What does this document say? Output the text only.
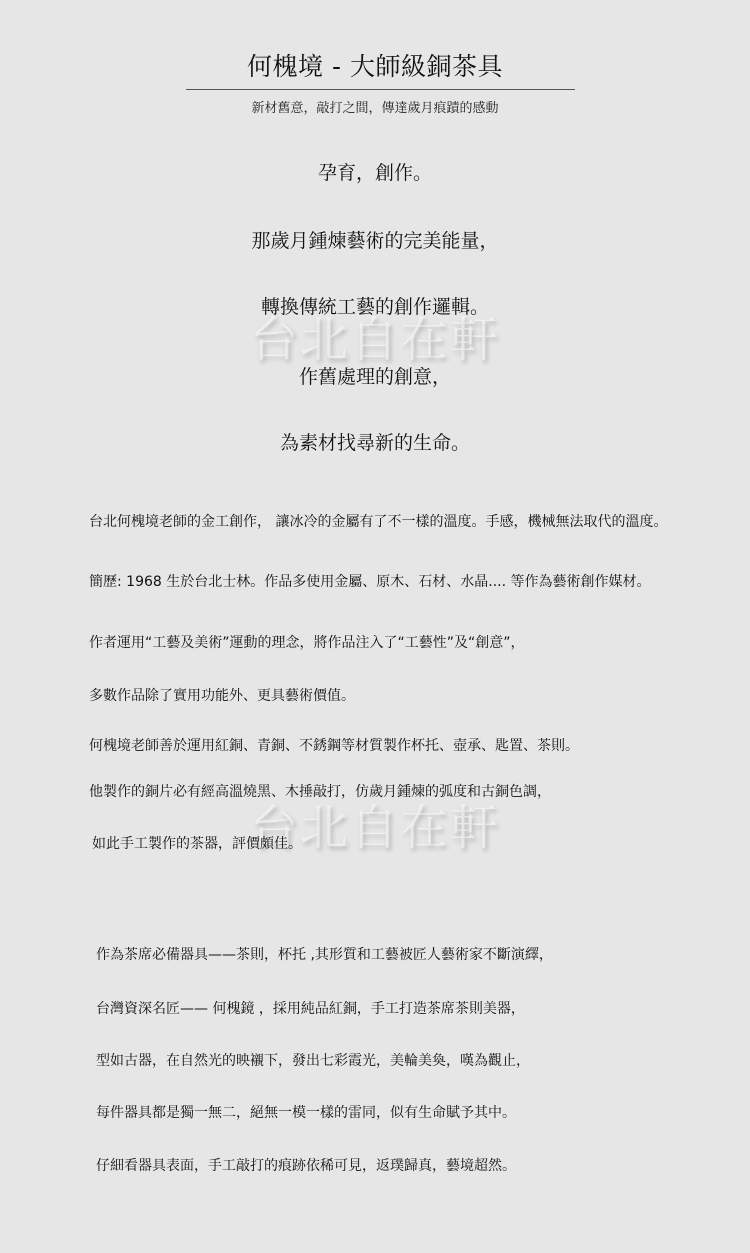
台北自在軒
台北自在軒
何槐境 - 大師級銅茶具
新材舊意，敲打之間，傳達歲月痕蹟的感動
孕育，創作。
那歲月鍾煉藝術的完美能量，
轉換傳統工藝的創作邏輯。
作舊處理的創意，
為素材找尋新的生命。
台北何槐境老師的金工創作， 讓冰冷的金屬有了不一樣的溫度。手感，機械無法取代的溫度。
簡歷: 1968 生於台北士林。作品多使用金屬、原木、石材、水晶.... 等作為藝術創作媒材。
作者運用“工藝及美術”運動的理念，將作品注入了“工藝性”及“創意”，
多數作品除了實用功能外、更具藝術價值。
何槐境老師善於運用紅銅、青銅、不銹鋼等材質製作杯托、壺承、匙置、茶則。
他製作的銅片必有經高溫燒黑、木捶敲打，仿歲月鍾煉的弧度和古銅色調，
如此手工製作的茶器，評價頗佳。
作為茶席必備器具——茶則，杯托 ,其形質和工藝被匠人藝術家不斷演繹，
台灣資深名匠—— 何槐鏡 ，採用純品紅銅，手工打造茶席茶則美器，
型如古器，在自然光的映襯下，發出七彩霞光，美輪美奐，嘆為觀止，
每件器具都是獨一無二，絕無一模一樣的雷同，似有生命賦予其中。
仔細看器具表面，手工敲打的痕跡依稀可見，返璞歸真，藝境超然。
